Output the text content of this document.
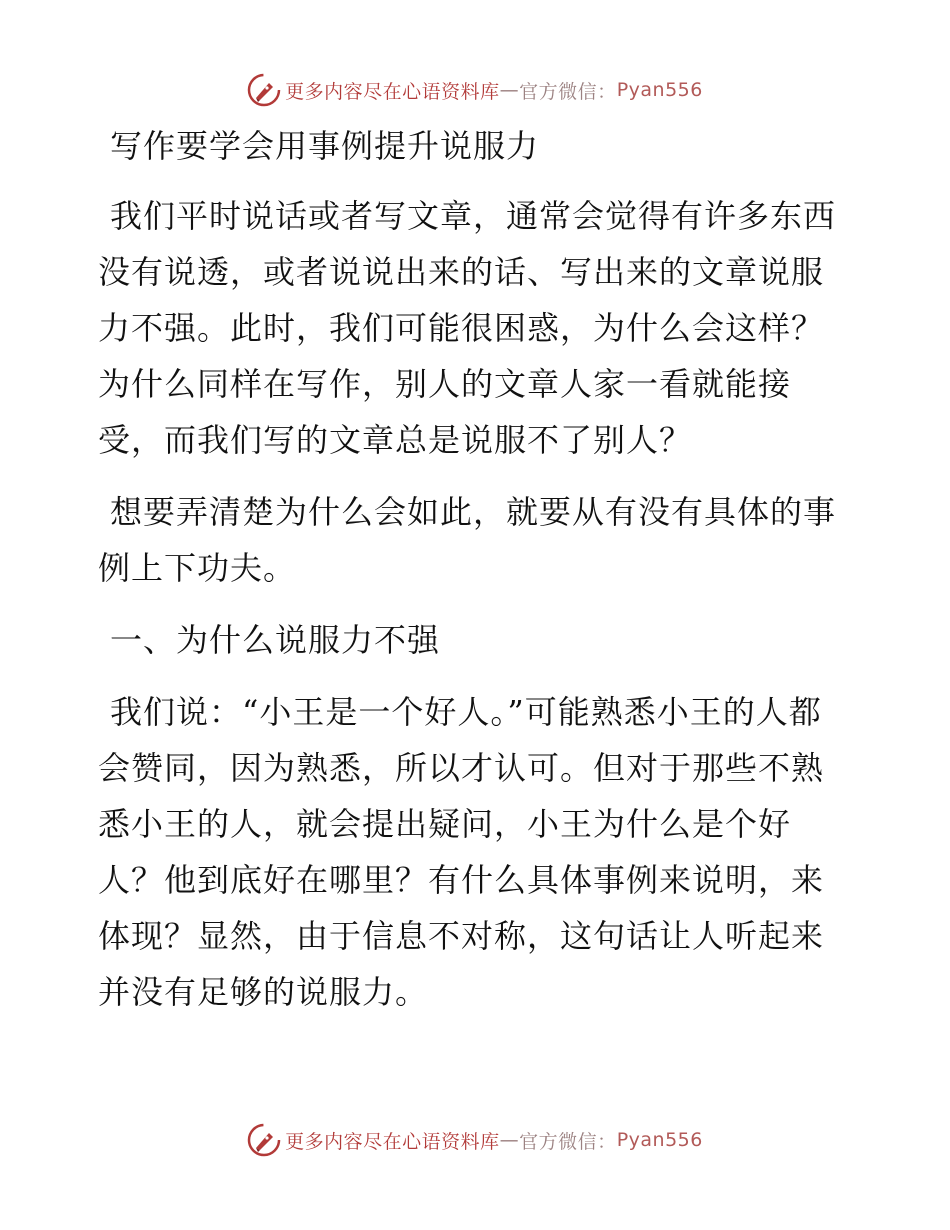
更多内容尽在心语资料库 — 官方微信： Pyan556

写作要学会用事例提升说服力

我们平时说话或者写文章，通常会觉得有许多东西没有说透，或者说说出来的话、写出来的文章说服力不强。此时，我们可能很困惑，为什么会这样？为什么同样在写作，别人的文章人家一看就能接受，而我们写的文章总是说服不了别人？

想要弄清楚为什么会如此，就要从有没有具体的事例上下功夫。

一、为什么说服力不强

我们说：“小王是一个好人。”可能熟悉小王的人都会赞同，因为熟悉，所以才认可。但对于那些不熟悉小王的人，就会提出疑问，小王为什么是个好人？他到底好在哪里？有什么具体事例来说明，来体现？显然，由于信息不对称，这句话让人听起来并没有足够的说服力。

更多内容尽在心语资料库 — 官方微信： Pyan556
